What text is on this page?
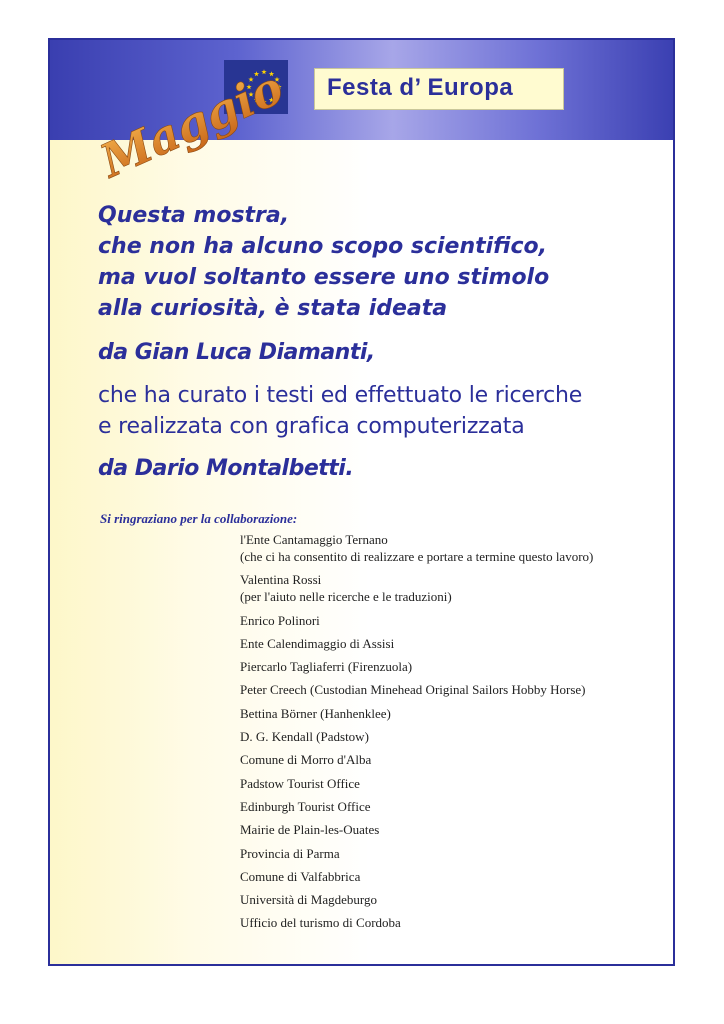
Festa d’ Europa
Maggio

Questa mostra,
che non ha alcuno scopo scientifico,
ma vuol soltanto essere uno stimolo
alla curiosità, è stata ideata

da Gian Luca Diamanti,

che ha curato i testi ed effettuato le ricerche
e realizzata con grafica computerizzata

da Dario Montalbetti.

Si ringraziano per la collaborazione:
l'Ente Cantamaggio Ternano
(che ci ha consentito di realizzare e portare a termine questo lavoro)
Valentina Rossi
(per l'aiuto nelle ricerche e le traduzioni)
Enrico Polinori
Ente Calendimaggio di Assisi
Piercarlo Tagliaferri (Firenzuola)
Peter Creech (Custodian Minehead Original Sailors Hobby Horse)
Bettina Börner (Hanhenklee)
D. G. Kendall (Padstow)
Comune di Morro d'Alba
Padstow Tourist Office
Edinburgh Tourist Office
Mairie de Plain-les-Ouates
Provincia di Parma
Comune di Valfabbrica
Università di Magdeburgo
Ufficio del turismo di Cordoba
